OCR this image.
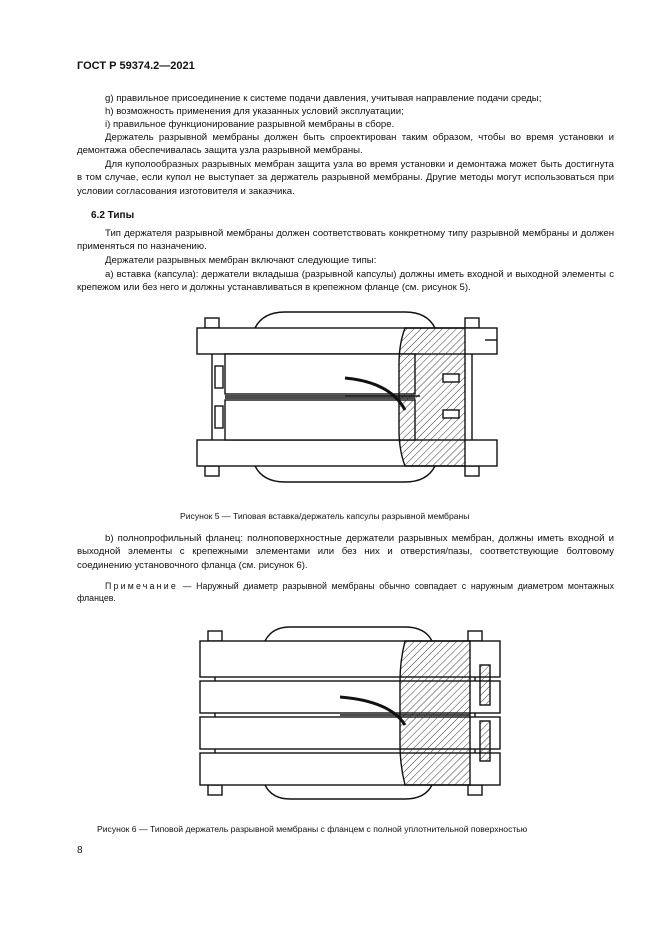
ГОСТ Р 59374.2—2021
g) правильное присоединение к системе подачи давления, учитывая направление подачи среды;
h) возможность применения для указанных условий эксплуатации;
i) правильное функционирование разрывной мембраны в сборе.
Держатель разрывной мембраны должен быть спроектирован таким образом, чтобы во время установки и демонтажа обеспечивалась защита узла разрывной мембраны.
Для куполообразных разрывных мембран защита узла во время установки и демонтажа может быть достигнута в том случае, если купол не выступает за держатель разрывной мембраны. Другие методы могут использоваться при условии согласования изготовителя и заказчика.
6.2 Типы
Тип держателя разрывной мембраны должен соответствовать конкретному типу разрывной мембраны и должен применяться по назначению.
Держатели разрывных мембран включают следующие типы:
а) вставка (капсула): держатели вкладыша (разрывной капсулы) должны иметь входной и выходной элементы с крепежом или без него и должны устанавливаться в крепежном фланце (см. рисунок 5).
Рисунок 5 — Типовая вставка/держатель капсулы разрывной мембраны
b) полнопрофильный фланец: полноповерхностные держатели разрывных мембран, должны иметь входной и выходной элементы с крепежными элементами или без них и отверстия/пазы, соответствующие болтовому соединению установочного фланца (см. рисунок 6).
Примечание — Наружный диаметр разрывной мембраны обычно совпадает с наружным диаметром монтажных фланцев.
Рисунок 6 — Типовой держатель разрывной мембраны с фланцем с полной уплотнительной поверхностью
8
